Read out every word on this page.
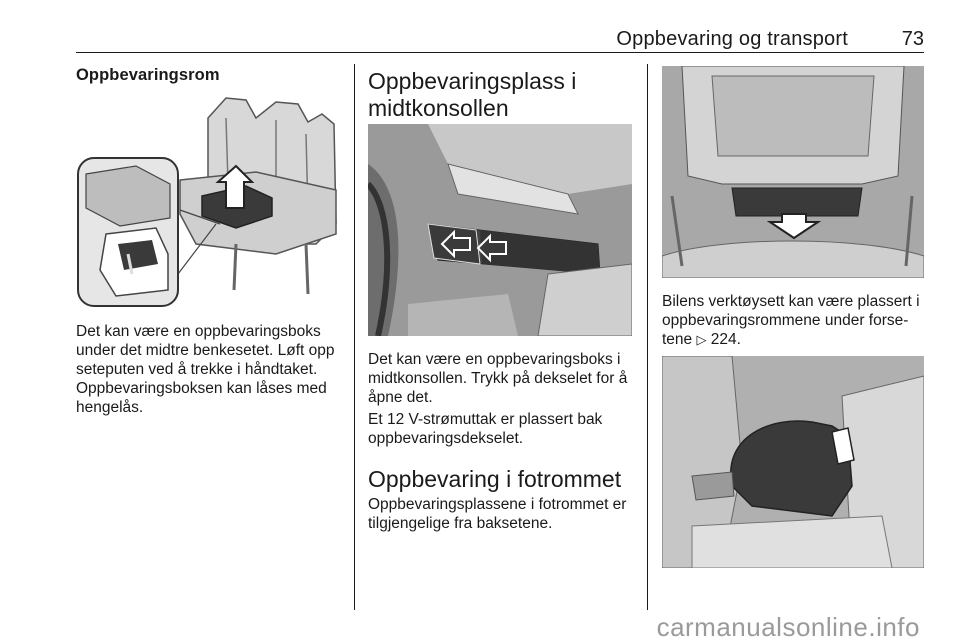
Oppbevaring og transport	73
Oppbevaringsrom

Det kan være en oppbevaringsboks under det midtre benkesetet. Løft opp seteputen ved å trekke i håndtaket. Oppbevaringsboksen kan låses med hengelås.

Oppbevaringsplass i
midtkonsollen

Det kan være en oppbevaringsboks i midtkonsollen. Trykk på dekselet for å åpne det.

Et 12 V-strømuttak er plassert bak oppbevaringsdekselet.

Oppbevaring i fotrommet

Oppbevaringsplassene i fotrommet er tilgjengelige fra baksetene.

Bilens verktøysett kan være plassert i oppbevaringsrommene under forse-tene ▷ 224.

carmanualsonline.info
